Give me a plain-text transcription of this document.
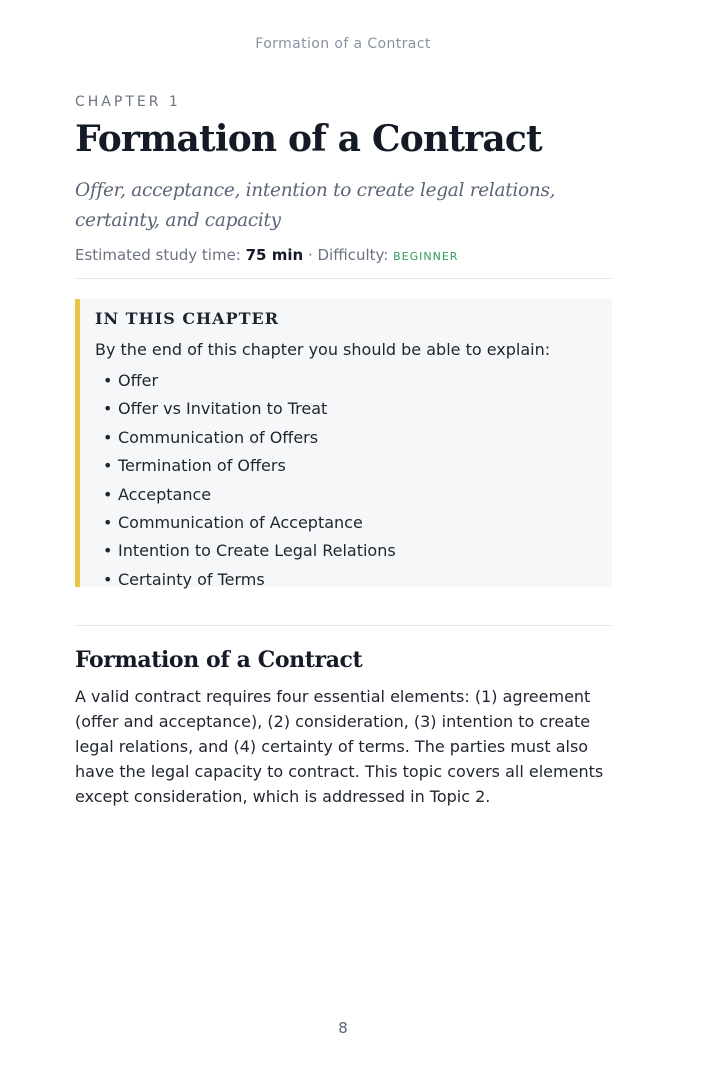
Formation of a Contract

CHAPTER 1

Formation of a Contract

Offer, acceptance, intention to create legal relations, certainty, and capacity

Estimated study time: 75 min · Difficulty: BEGINNER

IN THIS CHAPTER

By the end of this chapter you should be able to explain:

• Offer
• Offer vs Invitation to Treat
• Communication of Offers
• Termination of Offers
• Acceptance
• Communication of Acceptance
• Intention to Create Legal Relations
• Certainty of Terms
Formation of a Contract

A valid contract requires four essential elements: (1) agreement (offer and acceptance), (2) consideration, (3) intention to create legal relations, and (4) certainty of terms. The parties must also have the legal capacity to contract. This topic covers all elements except consideration, which is addressed in Topic 2.

8
